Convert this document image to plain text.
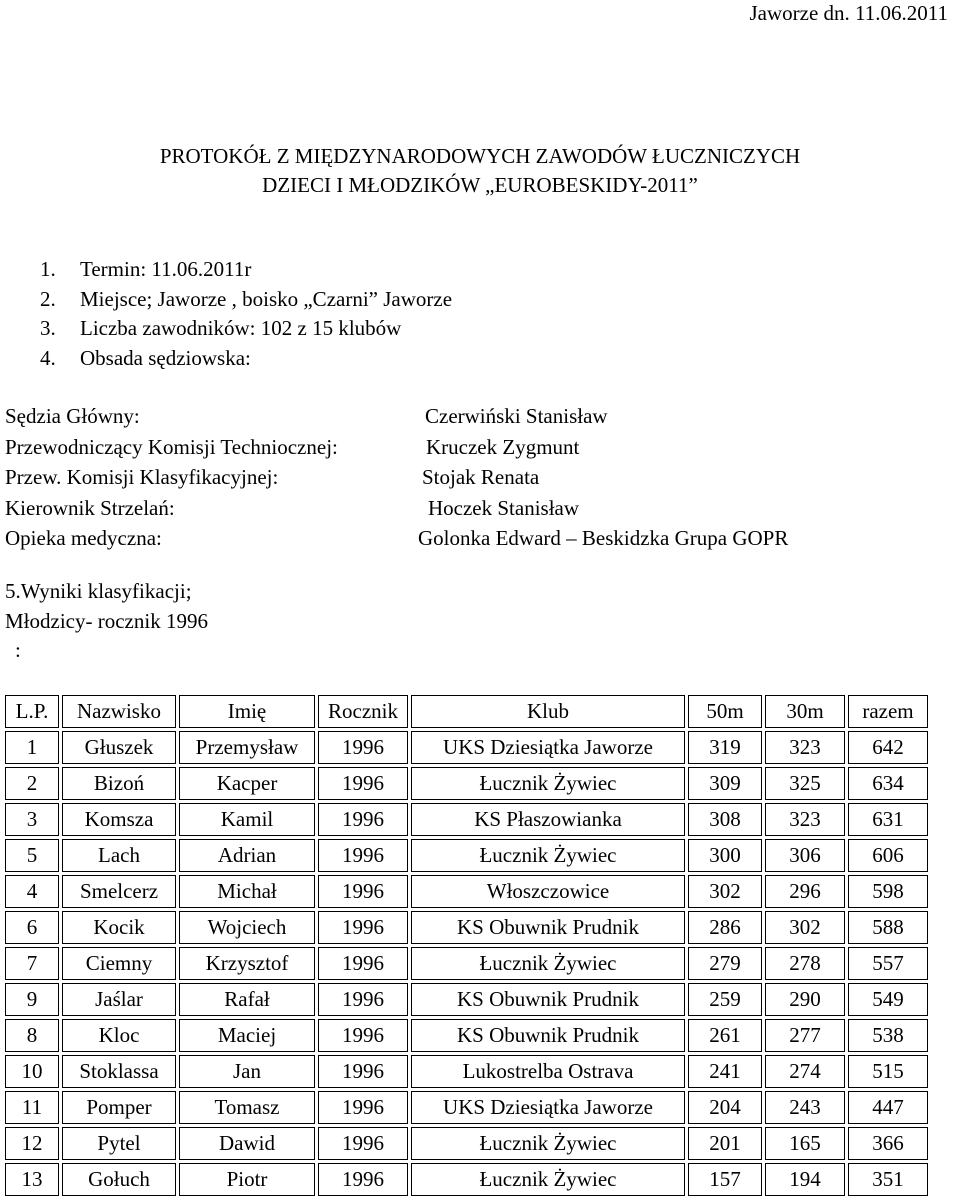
Jaworze dn. 11.06.2011
PROTOKÓŁ Z MIĘDZYNARODOWYCH ZAWODÓW ŁUCZNICZYCH
DZIECI I MŁODZIKÓW „EUROBESKIDY-2011”
1. Termin: 11.06.2011r
2. Miejsce; Jaworze , boisko „Czarni” Jaworze
3. Liczba zawodników: 102 z 15 klubów
4. Obsada sędziowska:
Sędzia Główny:	Czerwiński Stanisław
Przewodniczący Komisji Techniocznej:	Kruczek Zygmunt
Przew. Komisji Klasyfikacyjnej:	Stojak Renata
Kierownik Strzelań:	Hoczek Stanisław
Opieka medyczna:	Golonka Edward – Beskidzka Grupa GOPR
5.Wyniki klasyfikacji;
Młodzicy- rocznik 1996
:
L.P.	Nazwisko	Imię	Rocznik	Klub	50m	30m	razem
1	Głuszek	Przemysław	1996	UKS Dziesiątka Jaworze	319	323	642
2	Bizoń	Kacper	1996	Łucznik Żywiec	309	325	634
3	Komsza	Kamil	1996	KS Płaszowianka	308	323	631
5	Lach	Adrian	1996	Łucznik Żywiec	300	306	606
4	Smelcerz	Michał	1996	Włoszczowice	302	296	598
6	Kocik	Wojciech	1996	KS Obuwnik Prudnik	286	302	588
7	Ciemny	Krzysztof	1996	Łucznik Żywiec	279	278	557
9	Jaślar	Rafał	1996	KS Obuwnik Prudnik	259	290	549
8	Kloc	Maciej	1996	KS Obuwnik Prudnik	261	277	538
10	Stoklassa	Jan	1996	Lukostrelba Ostrava	241	274	515
11	Pomper	Tomasz	1996	UKS Dziesiątka Jaworze	204	243	447
12	Pytel	Dawid	1996	Łucznik Żywiec	201	165	366
13	Gołuch	Piotr	1996	Łucznik Żywiec	157	194	351
